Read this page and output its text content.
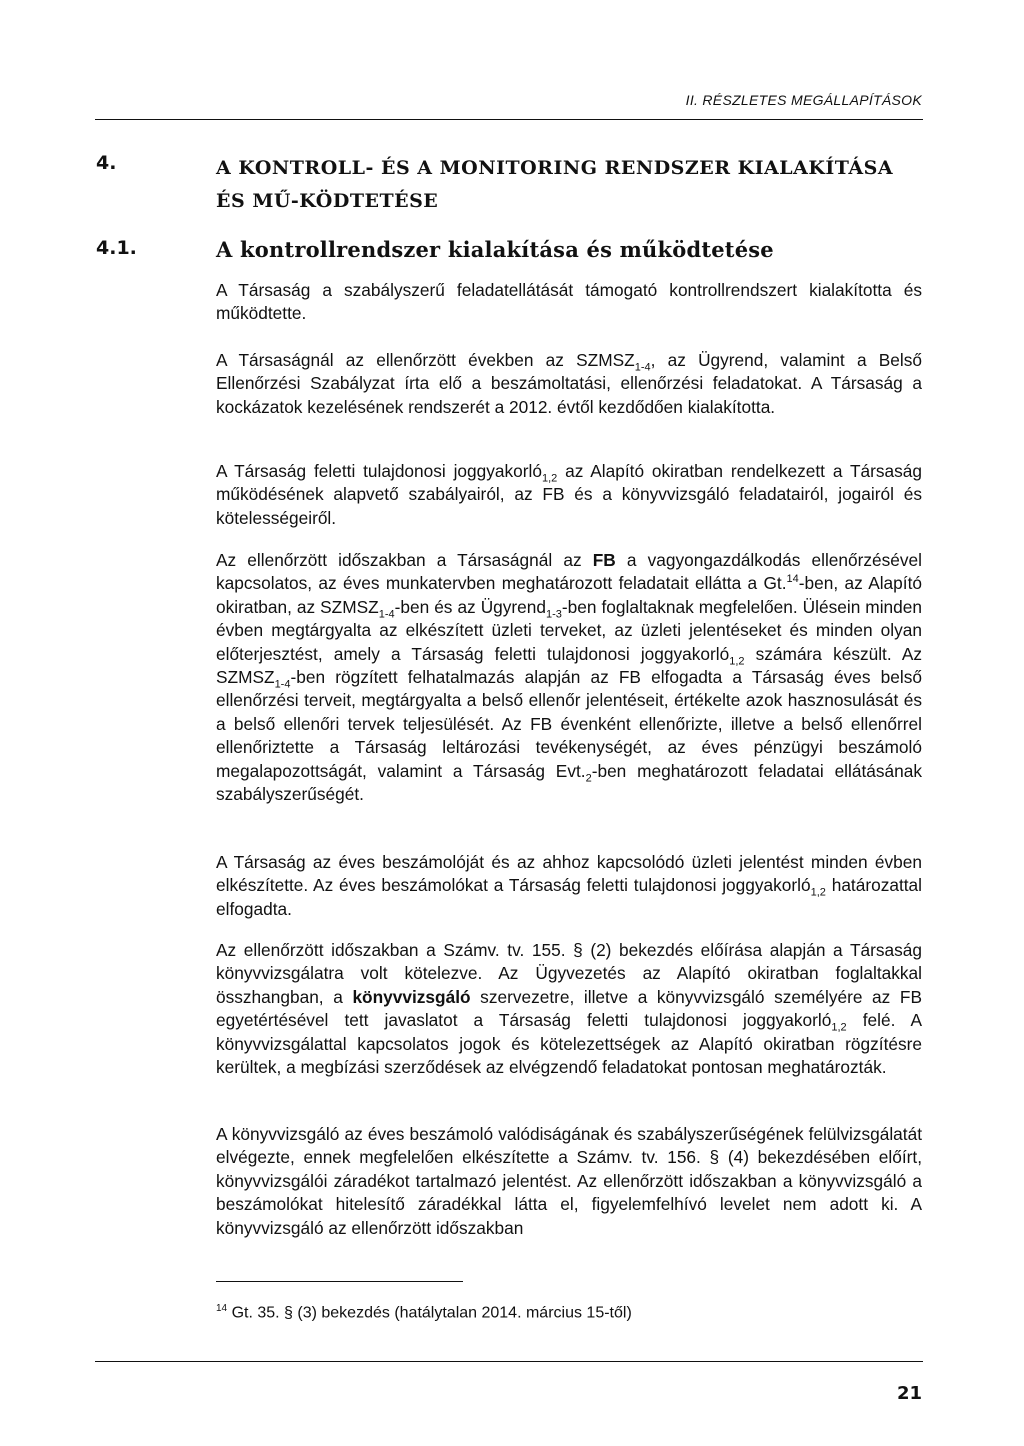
II. RÉSZLETES MEGÁLLAPÍTÁSOK
4.	A KONTROLL- ÉS A MONITORING RENDSZER KIALAKÍTÁSA ÉS MŰ-KÖDTETÉSE
4.1.	A kontrollrendszer kialakítása és működtetése

A Társaság a szabályszerű feladatellátását támogató kontrollrendszert kialakította és működtette.

A Társaságnál az ellenőrzött években az $SZMSZ_{1-4}$, az Ügyrend, valamint a Belső Ellenőrzési Szabályzat írta elő a beszámoltatási, ellenőrzési feladatokat. A Társaság a kockázatok kezelésének rendszerét a 2012. évtől kezdődően kialakította.

A Társaság feletti tulajdonosi joggyakorló$_{1,2}$ az Alapító okiratban rendelkezett a Társaság működésének alapvető szabályairól, az FB és a könyvvizsgáló feladatairól, jogairól és kötelességeiről.

Az ellenőrzött időszakban a Társaságnál az FB a vagyongazdálkodás ellenőrzésével kapcsolatos, az éves munkatervben meghatározott feladatait ellátta a Gt.$^{14}$-ben, az Alapító okiratban, az $SZMSZ_{1-4}$-ben és az Ügyrend$_{1-3}$-ben foglaltaknak megfelelően. Ülésein minden évben megtárgyalta az elkészített üzleti terveket, az üzleti jelentéseket és minden olyan előterjesztést, amely a Társaság feletti tulajdonosi joggyakorló$_{1,2}$ számára készült. Az $SZMSZ_{1-4}$-ben rögzített felhatalmazás alapján az FB elfogadta a Társaság éves belső ellenőrzési terveit, megtárgyalta a belső ellenőr jelentéseit, értékelte azok hasznosulását és a belső ellenőri tervek teljesülését. Az FB évenként ellenőrizte, illetve a belső ellenőrrel ellenőriztette a Társaság leltározási tevékenységét, az éves pénzügyi beszámoló megalapozottságát, valamint a Társaság $Evt._2$-ben meghatározott feladatai ellátásának szabályszerűségét.

A Társaság az éves beszámolóját és az ahhoz kapcsolódó üzleti jelentést minden évben elkészítette. Az éves beszámolókat a Társaság feletti tulajdonosi joggyakorló$_{1,2}$ határozattal elfogadta.

Az ellenőrzött időszakban a Számv. tv. 155. § (2) bekezdés előírása alapján a Társaság könyvvizsgálatra volt kötelezve. Az Ügyvezetés az Alapító okiratban foglaltakkal összhangban, a könyvvizsgáló szervezetre, illetve a könyvvizsgáló személyére az FB egyetértésével tett javaslatot a Társaság feletti tulajdonosi joggyakorló$_{1,2}$ felé. A könyvvizsgálattal kapcsolatos jogok és kötelezettségek az Alapító okiratban rögzítésre kerültek, a megbízási szerződések az elvégzendő feladatokat pontosan meghatározták.

A könyvvizsgáló az éves beszámoló valódiságának és szabályszerűségének felülvizsgálatát elvégezte, ennek megfelelően elkészítette a Számv. tv. 156. § (4) bekezdésében előírt, könyvvizsgálói záradékot tartalmazó jelentést. Az ellenőrzött időszakban a könyvvizsgáló a beszámolókat hitelesítő záradékkal látta el, figyelemfelhívó levelet nem adott ki. A könyvvizsgáló az ellenőrzött időszakban

$^{14}$ Gt. 35. § (3) bekezdés (hatálytalan 2014. március 15-től)
21
